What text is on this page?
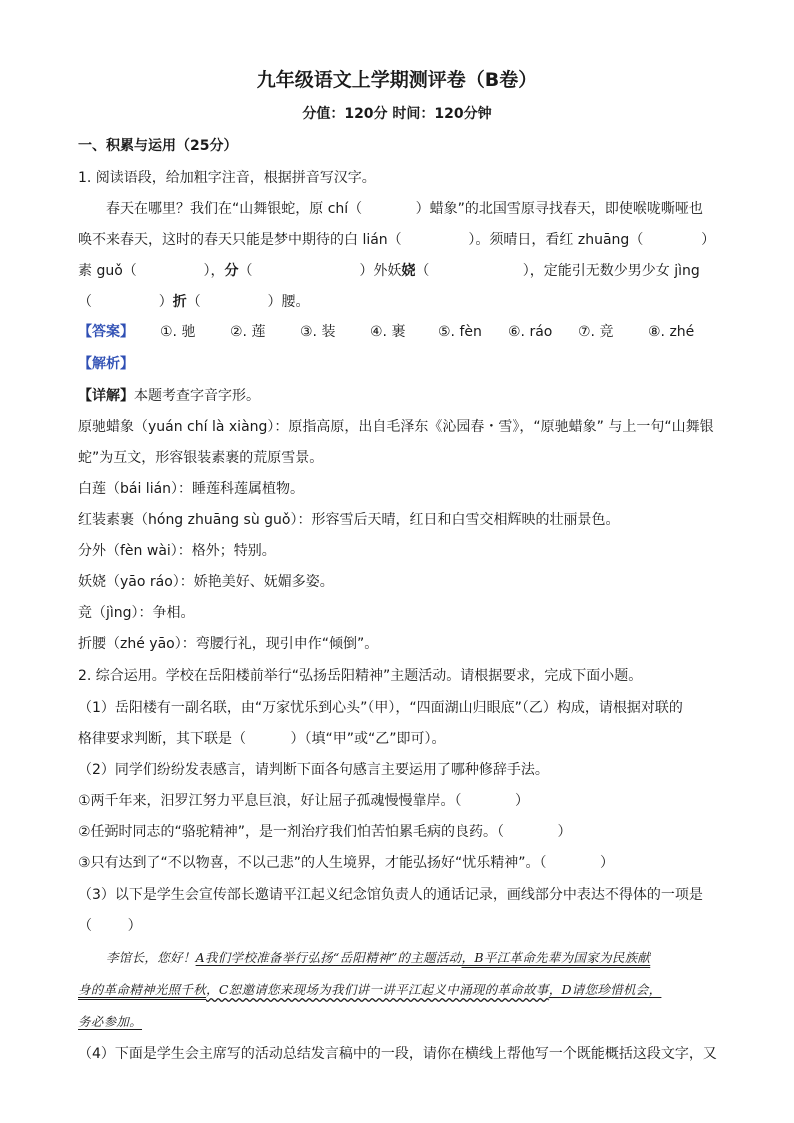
九年级语文上学期测评卷（B卷）
分值：120分 时间：120分钟
一、积累与运用（25分）
1. 阅读语段，给加粗字注音，根据拼音写汉字。
春天在哪里？我们在“山舞银蛇，原 chí（            ）蜡象”的北国雪原寻找春天，即使喉咙嘶哑也
唤不来春天，这时的春天只能是梦中期待的白 lián（               ）。须晴日，看红 zhuāng（             ）
素 guǒ（               ），分（                        ）外妖娆（                     ），定能引无数少男少女 jìng
（               ）折（               ）腰。
【答案】 ①. 驰 ②. 莲 ③. 装 ④. 裹 ⑤. fèn ⑥. ráo ⑦. 竞 ⑧. zhé
【解析】
【详解】本题考查字音字形。
原驰蜡象（yuán chí là xiàng）：原指高原，出自毛泽东《沁园春・雪》，“原驰蜡象” 与上一句“山舞银
蛇”为互文，形容银装素裹的荒原雪景。
白莲（bái lián）：睡莲科莲属植物。
红装素裹（hóng zhuāng sù guǒ）：形容雪后天晴，红日和白雪交相辉映的壮丽景色。
分外（fèn wài）：格外；特别。
妖娆（yāo ráo）：娇艳美好、妩媚多姿。
竞（jìng）：争相。
折腰（zhé yāo）：弯腰行礼，现引申作“倾倒”。
2. 综合运用。学校在岳阳楼前举行“弘扬岳阳精神”主题活动。请根据要求，完成下面小题。
（1）岳阳楼有一副名联，由“万家忧乐到心头”（甲），“四面湖山归眼底”（乙）构成，请根据对联的
格律要求判断，其下联是（          ）（填“甲”或“乙”即可）。
（2）同学们纷纷发表感言，请判断下面各句感言主要运用了哪种修辞手法。
①两千年来，汨罗江努力平息巨浪，好让屈子孤魂慢慢靠岸。（            ）
②任弼时同志的“骆驼精神”，是一剂治疗我们怕苦怕累毛病的良药。（            ）
③只有达到了“不以物喜，不以己悲”的人生境界，才能弘扬好“忧乐精神”。（            ）
（3）以下是学生会宣传部长邀请平江起义纪念馆负责人的通话记录，画线部分中表达不得体的一项是
（        ）
李馆长，您好！A我们学校准备举行弘扬“岳阳精神”的主题活动，B平江革命先辈为国家为民族献
身的革命精神光照千秋，C恕邀请您来现场为我们讲一讲平江起义中涌现的革命故事，D请您珍惜机会，
务必参加。
（4）下面是学生会主席写的活动总结发言稿中的一段，请你在横线上帮他写一个既能概括这段文字，又
